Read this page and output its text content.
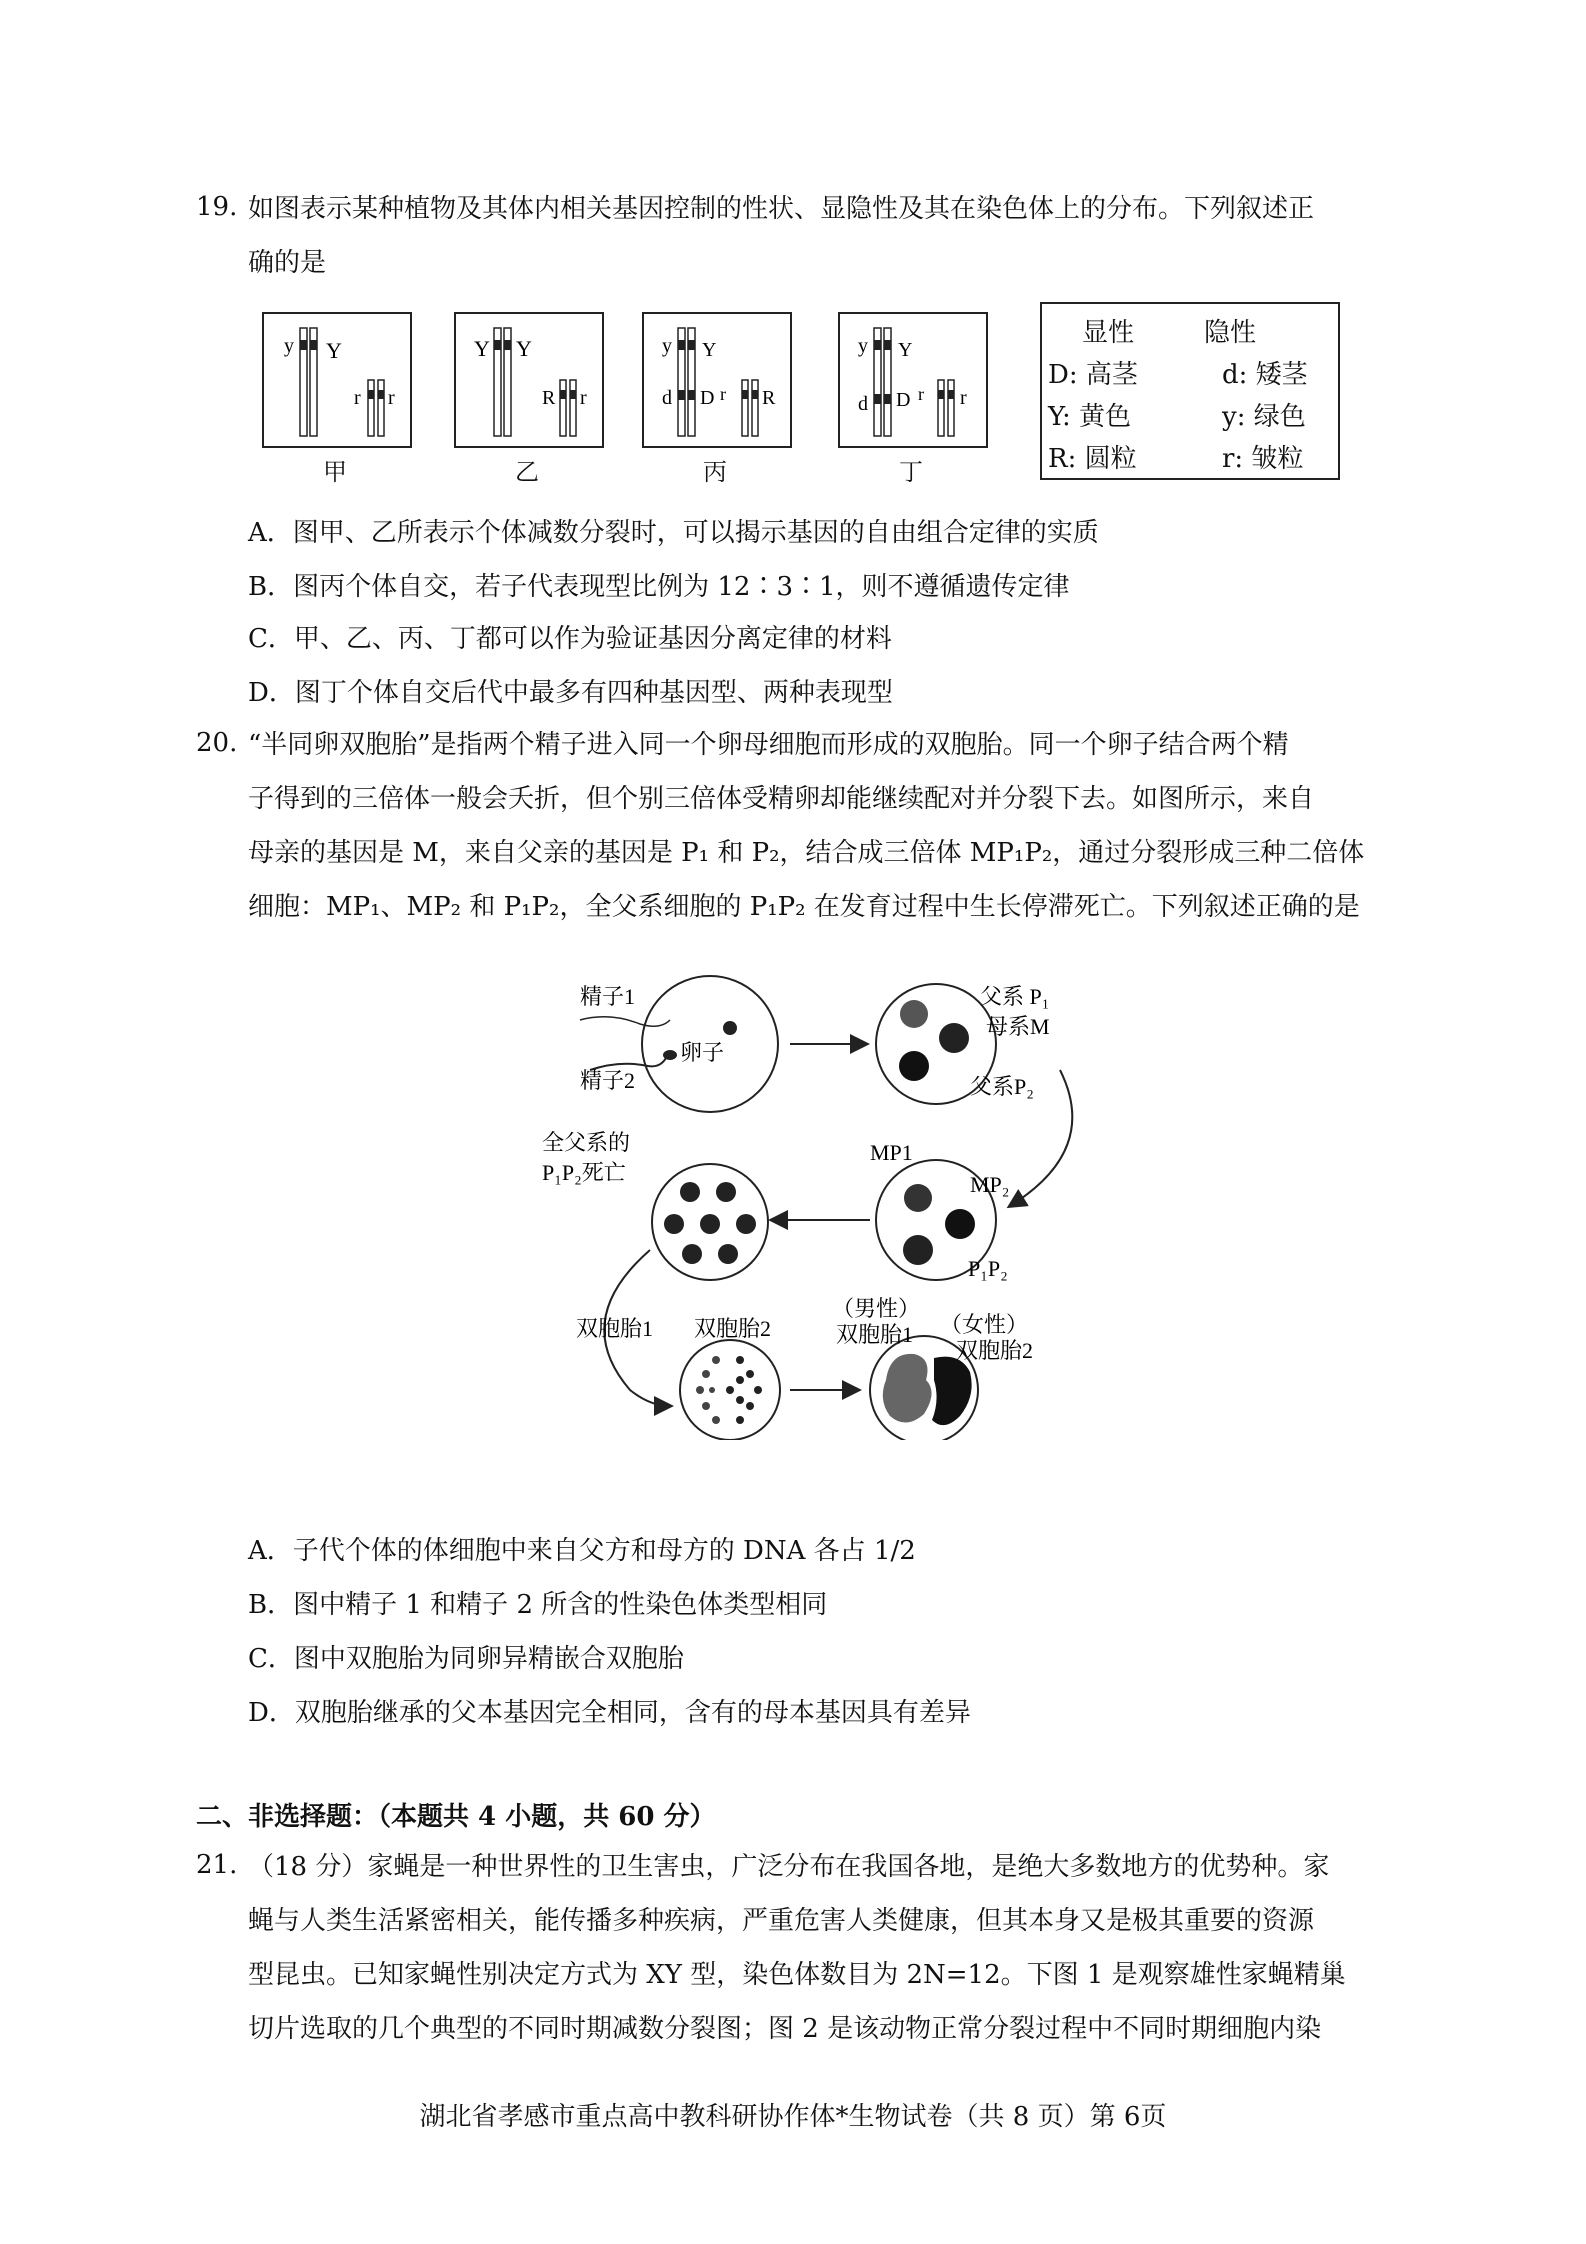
19. 如图表示某种植物及其体内相关基因控制的性状、显隐性及其在染色体上的分布。下列叙述正
确的是
y Y
r r
甲
Y Y
R r
乙
y Y
d D r R
丙
y Y
d D r r
丁
显性	隐性
D: 高茎	d: 矮茎
Y: 黄色	y: 绿色
R: 圆粒	r: 皱粒
A．图甲、乙所表示个体减数分裂时，可以揭示基因的自由组合定律的实质
B．图丙个体自交，若子代表现型比例为 12∶3∶1，则不遵循遗传定律
C．甲、乙、丙、丁都可以作为验证基因分离定律的材料
D．图丁个体自交后代中最多有四种基因型、两种表现型
20. “半同卵双胞胎”是指两个精子进入同一个卵母细胞而形成的双胞胎。同一个卵子结合两个精
子得到的三倍体一般会夭折，但个别三倍体受精卵却能继续配对并分裂下去。如图所示，来自
母亲的基因是 M，来自父亲的基因是 P₁ 和 P₂，结合成三倍体 MP₁P₂，通过分裂形成三种二倍体
细胞：MP₁、MP₂ 和 P₁P₂，全父系细胞的 P₁P₂ 在发育过程中生长停滞死亡。下列叙述正确的是
精子1
精子2
卵子
父系 P₁
母系M
父系P₂
MP1
MP₂
P₁P₂
全父系的
P₁P₂死亡
双胞胎1 双胞胎2
（男性）
双胞胎1 （女性）
双胞胎2
A．子代个体的体细胞中来自父方和母方的 DNA 各占 1/2
B．图中精子 1 和精子 2 所含的性染色体类型相同
C．图中双胞胎为同卵异精嵌合双胞胎
D．双胞胎继承的父本基因完全相同，含有的母本基因具有差异
二、非选择题：（本题共 4 小题，共 60 分）
21. （18 分）家蝇是一种世界性的卫生害虫，广泛分布在我国各地，是绝大多数地方的优势种。家
蝇与人类生活紧密相关，能传播多种疾病，严重危害人类健康，但其本身又是极其重要的资源
型昆虫。已知家蝇性别决定方式为 XY 型，染色体数目为 2N=12。下图 1 是观察雄性家蝇精巢
切片选取的几个典型的不同时期减数分裂图；图 2 是该动物正常分裂过程中不同时期细胞内染
湖北省孝感市重点高中教科研协作体*生物试卷（共 8 页）第 6页
